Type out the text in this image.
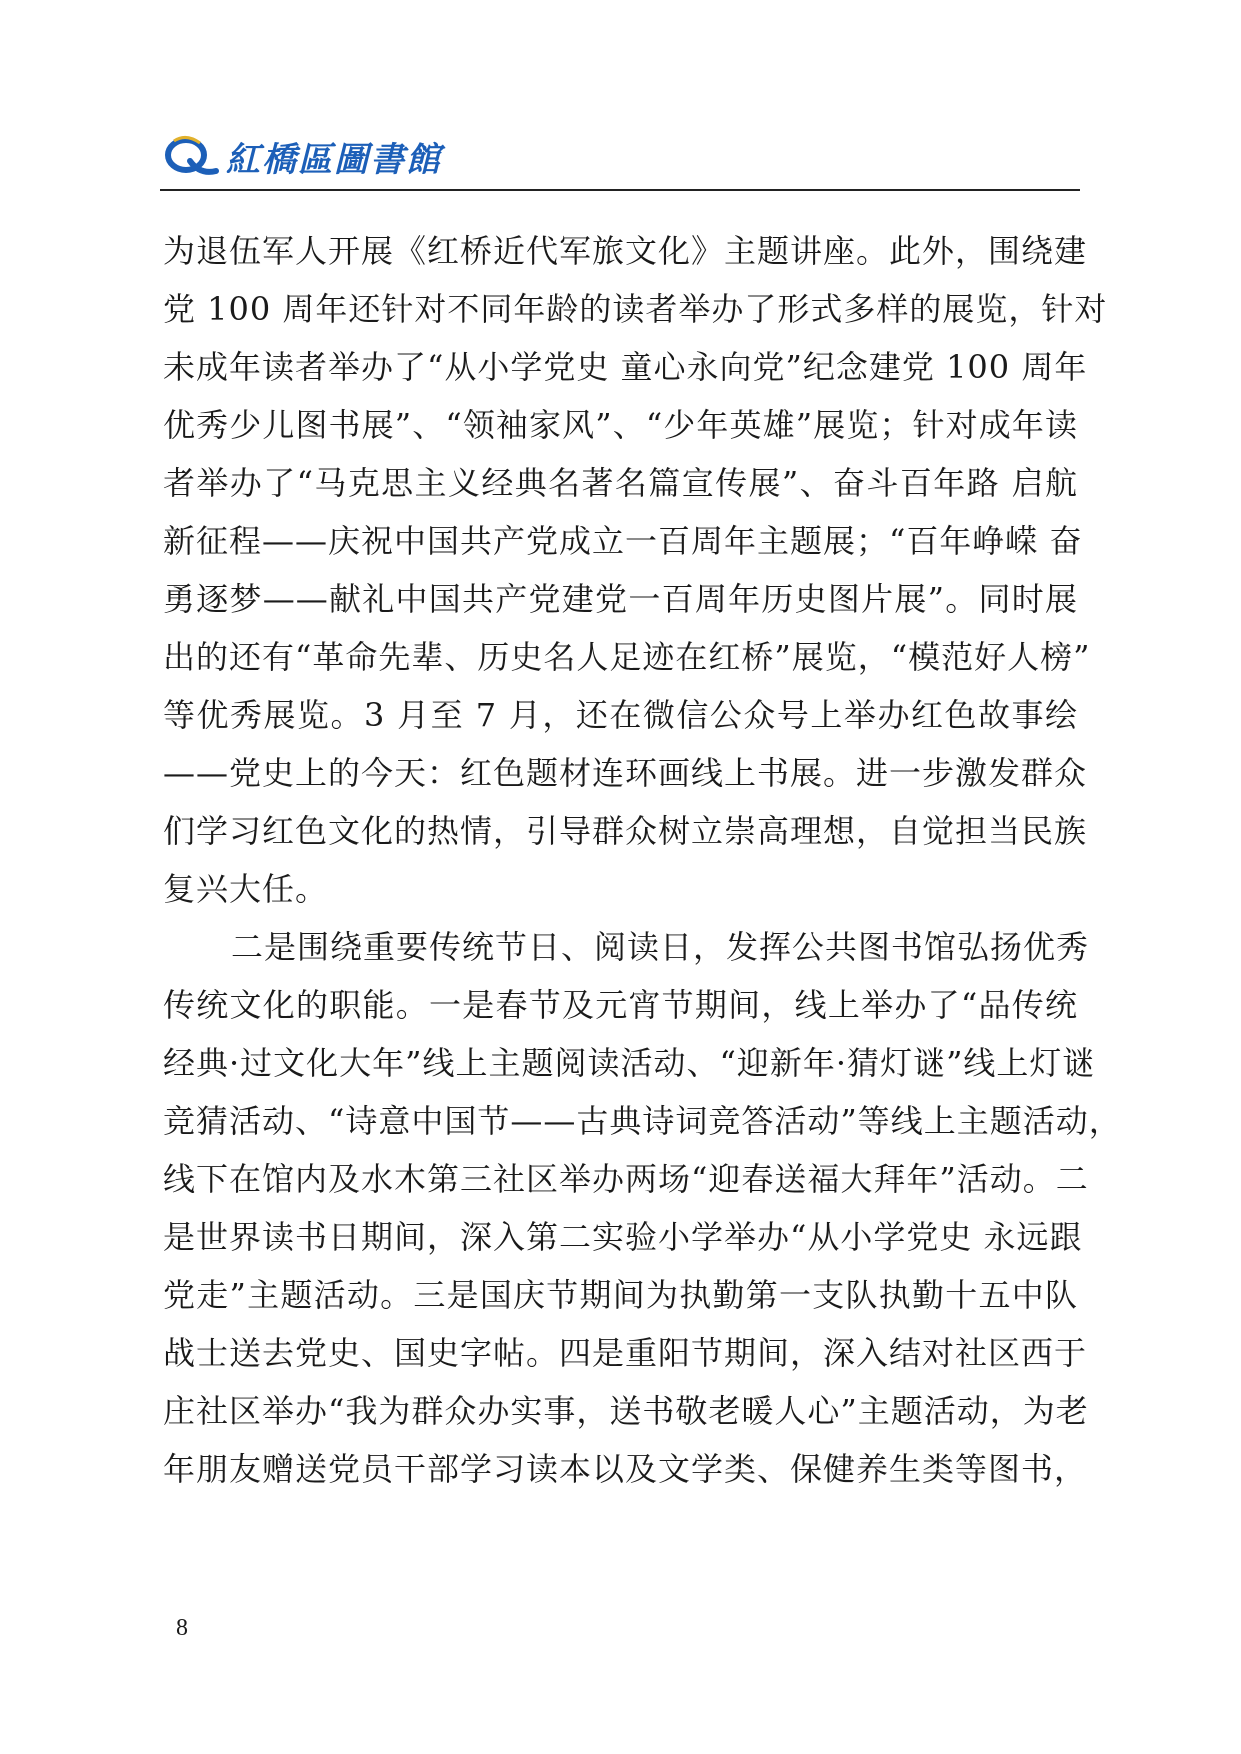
紅橋區圖書館
为退伍军人开展《红桥近代军旅文化》主题讲座。此外，围绕建
党 100 周年还针对不同年龄的读者举办了形式多样的展览，针对
未成年读者举办了“从小学党史 童心永向党”纪念建党 100 周年
优秀少儿图书展”、“领袖家风”、“少年英雄”展览；针对成年读
者举办了“马克思主义经典名著名篇宣传展”、奋斗百年路 启航
新征程——庆祝中国共产党成立一百周年主题展；“百年峥嵘 奋
勇逐梦——献礼中国共产党建党一百周年历史图片展”。同时展
出的还有“革命先辈、历史名人足迹在红桥”展览，“模范好人榜”
等优秀展览。3 月至 7 月，还在微信公众号上举办红色故事绘
——党史上的今天：红色题材连环画线上书展。进一步激发群众
们学习红色文化的热情，引导群众树立崇高理想，自觉担当民族
复兴大任。
二是围绕重要传统节日、阅读日，发挥公共图书馆弘扬优秀
传统文化的职能。一是春节及元宵节期间，线上举办了“品传统
经典·过文化大年”线上主题阅读活动、“迎新年·猜灯谜”线上灯谜
竞猜活动、“诗意中国节——古典诗词竞答活动”等线上主题活动，
线下在馆内及水木第三社区举办两场“迎春送福大拜年”活动。二
是世界读书日期间，深入第二实验小学举办“从小学党史 永远跟
党走”主题活动。三是国庆节期间为执勤第一支队执勤十五中队
战士送去党史、国史字帖。四是重阳节期间，深入结对社区西于
庄社区举办“我为群众办实事，送书敬老暖人心”主题活动，为老
年朋友赠送党员干部学习读本以及文学类、保健养生类等图书，
8
